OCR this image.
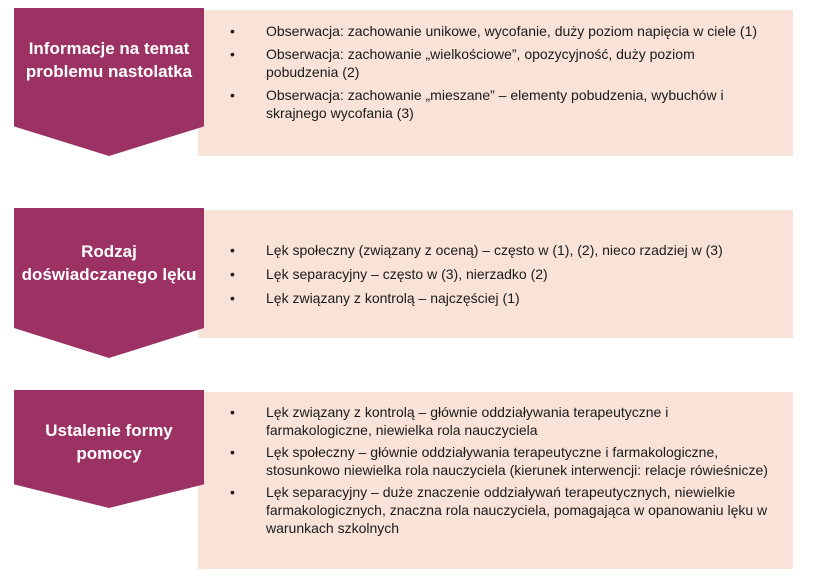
Informacje na temat problemu nastolatka
• Obserwacja: zachowanie unikowe, wycofanie, duży poziom napięcia w ciele (1)
• Obserwacja: zachowanie „wielkościowe”, opozycyjność, duży poziom pobudzenia (2)
• Obserwacja: zachowanie „mieszane” – elementy pobudzenia, wybuchów i skrajnego wycofania (3)
Rodzaj doświadczanego lęku
• Lęk społeczny (związany z oceną) – często w (1), (2), nieco rzadziej w (3)
• Lęk separacyjny – często w (3), nierzadko (2)
• Lęk związany z kontrolą – najczęściej (1)
Ustalenie formy pomocy
• Lęk związany z kontrolą – głównie oddziaływania terapeutyczne i farmakologiczne, niewielka rola nauczyciela
• Lęk społeczny – głównie oddziaływania terapeutyczne i farmakologiczne, stosunkowo niewielka rola nauczyciela (kierunek interwencji: relacje rówieśnicze)
• Lęk separacyjny – duże znaczenie oddziaływań terapeutycznych, niewielkie farmakologicznych, znaczna rola nauczyciela, pomagająca w opanowaniu lęku w warunkach szkolnych
